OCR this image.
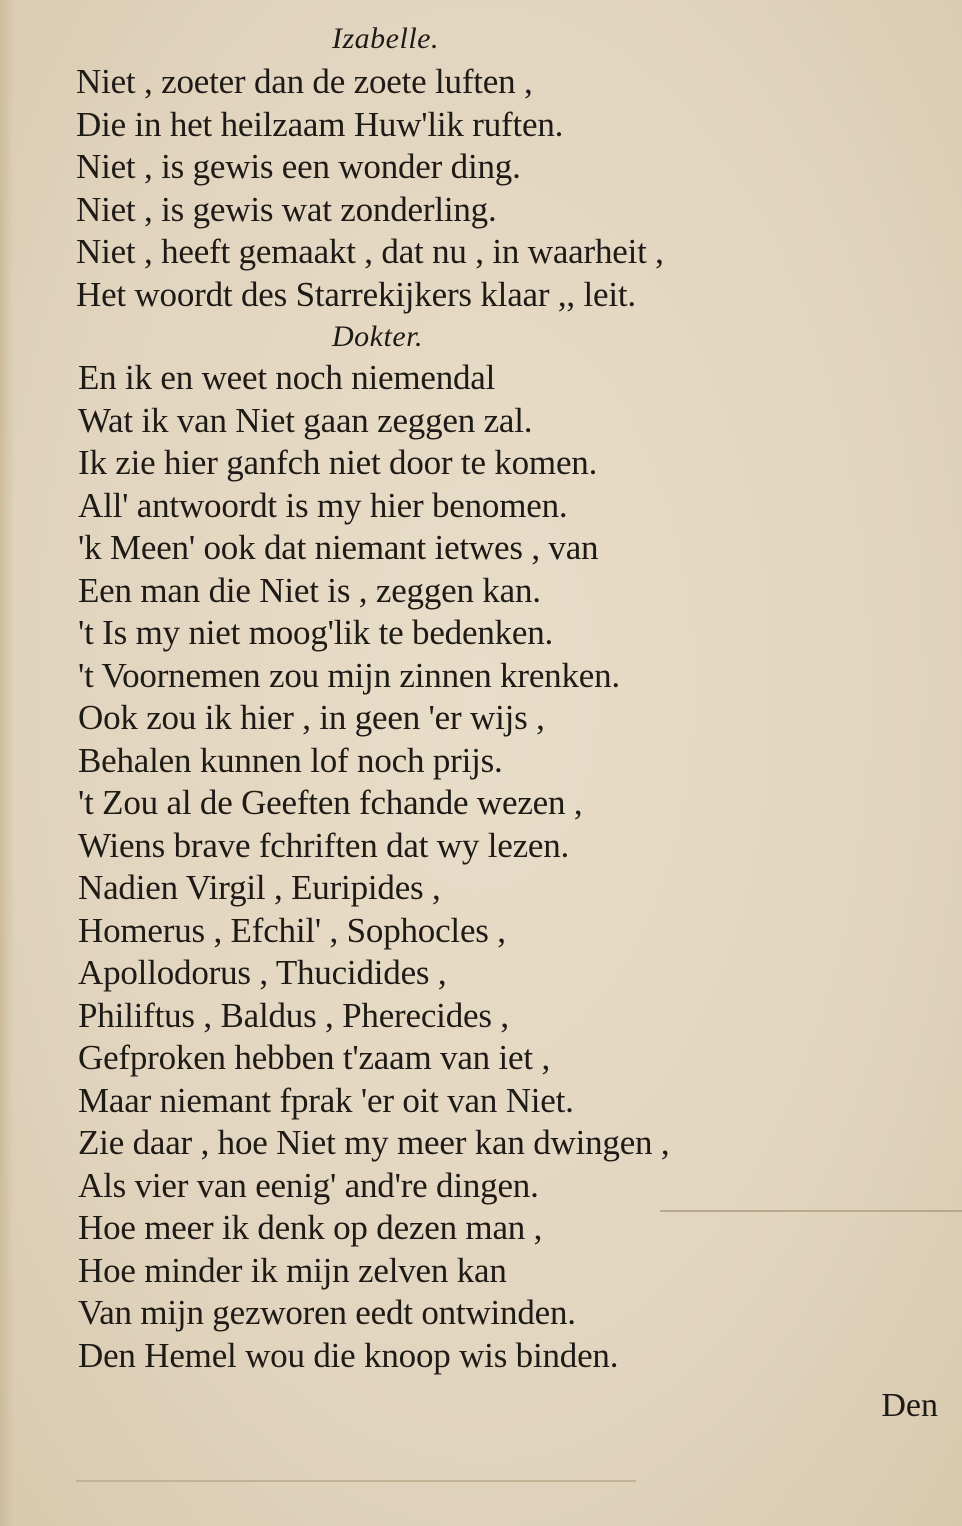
Izabelle.
Niet , zoeter dan de zoete luften ,
Die in het heilzaam Huw'lik ruften.
Niet , is gewis een wonder ding.
Niet , is gewis wat zonderling.
Niet , heeft gemaakt , dat nu , in waarheit ,
Het woordt des Starrekijkers klaar ,, leit.
Dokter.
En ik en weet noch niemendal
Wat ik van Niet gaan zeggen zal.
Ik zie hier ganfch niet door te komen.
All' antwoordt is my hier benomen.
'k Meen' ook dat niemant ietwes , van
Een man die Niet is , zeggen kan.
't Is my niet moog'lik te bedenken.
't Voornemen zou mijn zinnen krenken.
Ook zou ik hier , in geen 'er wijs ,
Behalen kunnen lof noch prijs.
't Zou al de Geeften fchande wezen ,
Wiens brave fchriften dat wy lezen.
Nadien Virgil , Euripides ,
Homerus , Efchil' , Sophocles ,
Apollodorus , Thucidides ,
Philiftus , Baldus , Pherecides ,
Gefproken hebben t'zaam van iet ,
Maar niemant fprak 'er oit van Niet.
Zie daar , hoe Niet my meer kan dwingen ,
Als vier van eenig' and're dingen.
Hoe meer ik denk op dezen man ,
Hoe minder ik mijn zelven kan
Van mijn gezworen eedt ontwinden.
Den Hemel wou die knoop wis binden.
Den
